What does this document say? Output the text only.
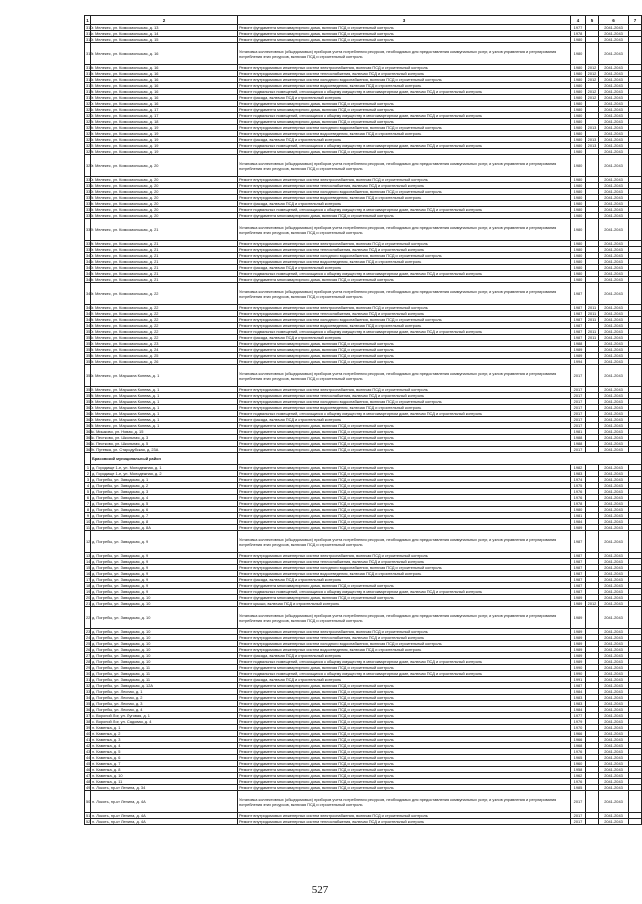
1	2	3	4	5	6	7
310	г. Мелекес, ул. Комсомольская, д. 13	Ремонт фундамента многоквартирного дома, включая ПСД и строительный контроль	1977		2041-2043	
311	г. Мелекес, ул. Комсомольская, д. 14	Ремонт фундамента многоквартирного дома, включая ПСД и строительный контроль	1978		2041-2043	
312	г. Мелекес, ул. Комсомольская, д. 15	Ремонт фундамента многоквартирного дома, включая ПСД и строительный контроль	1980		2041-2043	
313	г. Мелекес, ул. Комсомольская, д. 16	Установка коллективных (общедомовых) приборов учета потребления ресурсов, необходимых для предоставления коммунальных услуг, и узлов управления и регулирования потребления этих ресурсов, включая ПСД и строительный контроль	1980		2041-2043	
314	г. Мелекес, ул. Комсомольская, д. 16	Ремонт внутридомовых инженерных систем электроснабжения, включая ПСД и строительный контроль	1980	2012	2041-2043	
315	г. Мелекес, ул. Комсомольская, д. 16	Ремонт внутридомовых инженерных систем теплоснабжения, включая ПСД и строительный контроль	1980	2012	2041-2043	
316	г. Мелекес, ул. Комсомольская, д. 16	Ремонт внутридомовых инженерных систем холодного водоснабжения, включая ПСД и строительный контроль	1980	2012	2041-2043	
317	г. Мелекес, ул. Комсомольская, д. 16	Ремонт внутридомовых инженерных систем водоотведения, включая ПСД и строительный контроль	1980		2041-2043	
318	г. Мелекес, ул. Комсомольская, д. 16	Ремонт подвальных помещений, относящихся к общему имуществу в многоквартирном доме, включая ПСД и строительный контроль	1980	2012	2041-2043	
319	г. Мелекес, ул. Комсомольская, д. 16	Ремонт фасада, включая ПСД и строительный контроль	1980	2012	2041-2043	
320	г. Мелекес, ул. Комсомольская, д. 16	Ремонт фундамента многоквартирного дома, включая ПСД и строительный контроль	1980		2041-2043	
321	г. Мелекес, ул. Комсомольская, д. 17	Ремонт фундамента многоквартирного дома, включая ПСД и строительный контроль	1980		2041-2043	
322	г. Мелекес, ул. Комсомольская, д. 17	Ремонт подвальных помещений, относящихся к общему имуществу в многоквартирном доме, включая ПСД и строительный контроль	1980		2041-2043	
323	г. Мелекес, ул. Комсомольская, д. 18	Ремонт фундамента многоквартирного дома, включая ПСД и строительный контроль	1980		2041-2043	
324	г. Мелекес, ул. Комсомольская, д. 19	Ремонт внутридомовых инженерных систем холодного водоснабжения, включая ПСД и строительный контроль	1980	2013	2041-2043	
325	г. Мелекес, ул. Комсомольская, д. 19	Ремонт внутридомовых инженерных систем водоотведения, включая ПСД и строительный контроль	1980		2041-2043	
326	г. Мелекес, ул. Комсомольская, д. 19	Ремонт фасада, включая ПСД и строительный контроль	1980	2013	2041-2043	
327	г. Мелекес, ул. Комсомольская, д. 19	Ремонт подвальных помещений, относящихся к общему имуществу в многоквартирном доме, включая ПСД и строительный контроль	1980	2013	2041-2043	
328	г. Мелекес, ул. Комсомольская, д. 19	Ремонт фундамента многоквартирного дома, включая ПСД и строительный контроль	1980		2041-2043	
329	г. Мелекес, ул. Комсомольская, д. 20	Установка коллективных (общедомовых) приборов учета потребления ресурсов, необходимых для предоставления коммунальных услуг, и узлов управления и регулирования потребления этих ресурсов, включая ПСД и строительный контроль	1980		2041-2043	
330	г. Мелекес, ул. Комсомольская, д. 20	Ремонт внутридомовых инженерных систем электроснабжения, включая ПСД и строительный контроль	1980		2041-2043	
331	г. Мелекес, ул. Комсомольская, д. 20	Ремонт внутридомовых инженерных систем теплоснабжения, включая ПСД и строительный контроль	1980		2041-2043	
332	г. Мелекес, ул. Комсомольская, д. 20	Ремонт внутридомовых инженерных систем холодного водоснабжения, включая ПСД и строительный контроль	1980		2041-2043	
333	г. Мелекес, ул. Комсомольская, д. 20	Ремонт внутридомовых инженерных систем водоотведения, включая ПСД и строительный контроль	1980		2041-2043	
334	г. Мелекес, ул. Комсомольская, д. 20	Ремонт фасада, включая ПСД и строительный контроль	1980		2041-2043	
335	г. Мелекес, ул. Комсомольская, д. 20	Ремонт подвальных помещений, относящихся к общему имуществу в многоквартирном доме, включая ПСД и строительный контроль	1980		2041-2043	
336	г. Мелекес, ул. Комсомольская, д. 20	Ремонт фундамента многоквартирного дома, включая ПСД и строительный контроль	1980		2041-2043	
337	г. Мелекес, ул. Комсомольская, д. 21	Установка коллективных (общедомовых) приборов учета потребления ресурсов, необходимых для предоставления коммунальных услуг, и узлов управления и регулирования потребления этих ресурсов, включая ПСД и строительный контроль	1980		2041-2043	
338	г. Мелекес, ул. Комсомольская, д. 21	Ремонт внутридомовых инженерных систем электроснабжения, включая ПСД и строительный контроль	1980		2041-2043	
339	г. Мелекес, ул. Комсомольская, д. 21	Ремонт внутридомовых инженерных систем теплоснабжения, включая ПСД и строительный контроль	1980		2041-2043	
340	г. Мелекес, ул. Комсомольская, д. 21	Ремонт внутридомовых инженерных систем холодного водоснабжения, включая ПСД и строительный контроль	1980		2041-2043	
341	г. Мелекес, ул. Комсомольская, д. 21	Ремонт внутридомовых инженерных систем водоотведения, включая ПСД и строительный контроль	1980		2041-2043	
342	г. Мелекес, ул. Комсомольская, д. 21	Ремонт фасада, включая ПСД и строительный контроль	1980		2041-2043	
343	г. Мелекес, ул. Комсомольская, д. 21	Ремонт подвальных помещений, относящихся к общему имуществу в многоквартирном доме, включая ПСД и строительный контроль	1980		2041-2043	
344	г. Мелекес, ул. Комсомольская, д. 21	Ремонт фундамента многоквартирного дома, включая ПСД и строительный контроль	1980		2041-2043	
345	г. Мелекес, ул. Комсомольская, д. 22	Установка коллективных (общедомовых) приборов учета потребления ресурсов, необходимых для предоставления коммунальных услуг, и узлов управления и регулирования потребления этих ресурсов, включая ПСД и строительный контроль	1987		2041-2043	
346	г. Мелекес, ул. Комсомольская, д. 22	Ремонт внутридомовых инженерных систем электроснабжения, включая ПСД и строительный контроль	1987	2011	2041-2043	
347	г. Мелекес, ул. Комсомольская, д. 22	Ремонт внутридомовых инженерных систем теплоснабжения, включая ПСД и строительный контроль	1987	2011	2041-2043	
348	г. Мелекес, ул. Комсомольская, д. 22	Ремонт внутридомовых инженерных систем холодного водоснабжения, включая ПСД и строительный контроль	1987	2011	2041-2043	
349	г. Мелекес, ул. Комсомольская, д. 22	Ремонт внутридомовых инженерных систем водоотведения, включая ПСД и строительный контроль	1987		2041-2043	
350	г. Мелекес, ул. Комсомольская, д. 22	Ремонт подвальных помещений, относящихся к общему имуществу в многоквартирном доме, включая ПСД и строительный контроль	1987	2011	2041-2043	
351	г. Мелекес, ул. Комсомольская, д. 22	Ремонт фасада, включая ПСД и строительный контроль	1987	2011	2041-2043	
352	г. Мелекес, ул. Комсомольская, д. 23	Ремонт фундамента многоквартирного дома, включая ПСД и строительный контроль	1988		2041-2043	
353	г. Мелекес, ул. Комсомольская, д. 24	Ремонт фундамента многоквартирного дома, включая ПСД и строительный контроль	1989		2041-2043	
354	г. Мелекес, ул. Комсомольская, д. 25	Ремонт фундамента многоквартирного дома, включая ПСД и строительный контроль	1989		2041-2043	
355	г. Мелекес, ул. Комсомольская, д. 26	Ремонт фундамента многоквартирного дома, включая ПСД и строительный контроль	1994		2041-2043	
356	г. Мелекес, ул. Маршала Конева, д. 1	Установка коллективных (общедомовых) приборов учета потребления ресурсов, необходимых для предоставления коммунальных услуг, и узлов управления и регулирования потребления этих ресурсов, включая ПСД и строительный контроль	2017		2041-2043	
357	г. Мелекес, ул. Маршала Конева, д. 1	Ремонт внутридомовых инженерных систем электроснабжения, включая ПСД и строительный контроль	2017		2041-2043	
358	г. Мелекес, ул. Маршала Конева, д. 1	Ремонт внутридомовых инженерных систем теплоснабжения, включая ПСД и строительный контроль	2017		2041-2043	
359	г. Мелекес, ул. Маршала Конева, д. 1	Ремонт внутридомовых инженерных систем холодного водоснабжения, включая ПСД и строительный контроль	2017		2041-2043	
360	г. Мелекес, ул. Маршала Конева, д. 1	Ремонт внутридомовых инженерных систем водоотведения, включая ПСД и строительный контроль	2017		2041-2043	
361	г. Мелекес, ул. Маршала Конева, д. 1	Ремонт подвальных помещений, относящихся к общему имуществу в многоквартирном доме, включая ПСД и строительный контроль	2017		2041-2043	
362	г. Мелекес, ул. Маршала Конева, д. 1	Ремонт фасада, включая ПСД и строительный контроль	2017		2041-2043	
363	г. Мелекес, ул. Маршала Конева, д. 1	Ремонт фундамента многоквартирного дома, включая ПСД и строительный контроль	2017		2041-2043	
364	с. Мишково, ул. Новая, д. 15	Ремонт фундамента многоквартирного дома, включая ПСД и строительный контроль	1981		2041-2043	
365	с. Пестково, ул. Школьная, д. 3	Ремонт фундамента многоквартирного дома, включая ПСД и строительный контроль	1988		2041-2043	
366	с. Пестково, ул. Школьная, д. 5	Ремонт фундамента многоквартирного дома, включая ПСД и строительный контроль	1988		2041-2043	
367	п. Путевка, ул. Стародубская, д. 23А	Ремонт фундамента многоквартирного дома, включая ПСД и строительный контроль	2017		2041-2043	
	Брасовский муниципальный район					
1	д. Городище 1-е, ул. Молодежная, д. 1	Ремонт фундамента многоквартирного дома, включая ПСД и строительный контроль	1982		2041-2043	
2	д. Городище 1-е, ул. Молодежная, д. 2	Ремонт фундамента многоквартирного дома, включая ПСД и строительный контроль	1983		2041-2043	
3	д. Погребы, ул. Заводская, д. 1	Ремонт фундамента многоквартирного дома, включая ПСД и строительный контроль	1974		2041-2043	
4	д. Погребы, ул. Заводская, д. 2	Ремонт фундамента многоквартирного дома, включая ПСД и строительный контроль	1975		2041-2043	
5	д. Погребы, ул. Заводская, д. 3	Ремонт фундамента многоквартирного дома, включая ПСД и строительный контроль	1976		2041-2043	
6	д. Погребы, ул. Заводская, д. 4	Ремонт фундамента многоквартирного дома, включая ПСД и строительный контроль	1976		2041-2043	
7	д. Погребы, ул. Заводская, д. 5	Ремонт фундамента многоквартирного дома, включая ПСД и строительный контроль	1978		2041-2043	
8	д. Погребы, ул. Заводская, д. 6	Ремонт фундамента многоквартирного дома, включая ПСД и строительный контроль	1980		2041-2043	
9	д. Погребы, ул. Заводская, д. 7	Ремонт фундамента многоквартирного дома, включая ПСД и строительный контроль	1981		2041-2043	
10	д. Погребы, ул. Заводская, д. 8	Ремонт фундамента многоквартирного дома, включая ПСД и строительный контроль	1984		2041-2043	
11	д. Погребы, ул. Заводская, д. 8А	Ремонт фундамента многоквартирного дома, включая ПСД и строительный контроль	1989		2041-2043	
12	д. Погребы, ул. Заводская, д. 9	Установка коллективных (общедомовых) приборов учета потребления ресурсов, необходимых для предоставления коммунальных услуг, и узлов управления и регулирования потребления этих ресурсов, включая ПСД и строительный контроль	1987		2041-2043	
13	д. Погребы, ул. Заводская, д. 9	Ремонт внутридомовых инженерных систем электроснабжения, включая ПСД и строительный контроль	1987		2041-2043	
14	д. Погребы, ул. Заводская, д. 9	Ремонт внутридомовых инженерных систем теплоснабжения, включая ПСД и строительный контроль	1987		2041-2043	
15	д. Погребы, ул. Заводская, д. 9	Ремонт внутридомовых инженерных систем холодного водоснабжения, включая ПСД и строительный контроль	1987		2041-2043	
16	д. Погребы, ул. Заводская, д. 9	Ремонт внутридомовых инженерных систем водоотведения, включая ПСД и строительный контроль	1987		2041-2043	
17	д. Погребы, ул. Заводская, д. 9	Ремонт фасада, включая ПСД и строительный контроль	1987		2041-2043	
18	д. Погребы, ул. Заводская, д. 9	Ремонт фундамента многоквартирного дома, включая ПСД и строительный контроль	1987		2041-2043	
19	д. Погребы, ул. Заводская, д. 9	Ремонт подвальных помещений, относящихся к общему имуществу в многоквартирном доме, включая ПСД и строительный контроль	1987		2041-2043	
20	д. Погребы, ул. Заводская, д. 10	Ремонт фундамента многоквартирного дома, включая ПСД и строительный контроль	1989		2041-2043	
21	д. Погребы, ул. Заводская, д. 10	Ремонт крыши, включая ПСД и строительный контроль	1989	2012	2041-2043	
22	д. Погребы, ул. Заводская, д. 10	Установка коллективных (общедомовых) приборов учета потребления ресурсов, необходимых для предоставления коммунальных услуг, и узлов управления и регулирования потребления этих ресурсов, включая ПСД и строительный контроль	1989		2041-2043	
23	д. Погребы, ул. Заводская, д. 10	Ремонт внутридомовых инженерных систем электроснабжения, включая ПСД и строительный контроль	1989		2041-2043	
24	д. Погребы, ул. Заводская, д. 10	Ремонт внутридомовых инженерных систем теплоснабжения, включая ПСД и строительный контроль	1989		2041-2043	
25	д. Погребы, ул. Заводская, д. 10	Ремонт внутридомовых инженерных систем холодного водоснабжения, включая ПСД и строительный контроль	1989		2041-2043	
26	д. Погребы, ул. Заводская, д. 10	Ремонт внутридомовых инженерных систем водоотведения, включая ПСД и строительный контроль	1989		2041-2043	
27	д. Погребы, ул. Заводская, д. 10	Ремонт фасада, включая ПСД и строительный контроль	1989		2041-2043	
28	д. Погребы, ул. Заводская, д. 10	Ремонт подвальных помещений, относящихся к общему имуществу в многоквартирном доме, включая ПСД и строительный контроль	1989		2041-2043	
29	д. Погребы, ул. Заводская, д. 11	Ремонт фундамента многоквартирного дома, включая ПСД и строительный контроль	1990		2041-2043	
30	д. Погребы, ул. Заводская, д. 11	Ремонт подвальных помещений, относящихся к общему имуществу в многоквартирном доме, включая ПСД и строительный контроль	1990		2041-2043	
31	д. Погребы, ул. Заводская, д. 11	Ремонт фасада, включая ПСД и строительный контроль	1991		2041-2043	
32	д. Погребы, ул. Заводская, д. 12А	Ремонт фундамента многоквартирного дома, включая ПСД и строительный контроль	1987		2041-2043	
33	д. Погребы, ул. Лесная, д. 1	Ремонт фундамента многоквартирного дома, включая ПСД и строительный контроль	1984		2041-2043	
34	д. Погребы, ул. Лесная, д. 2	Ремонт фундамента многоквартирного дома, включая ПСД и строительный контроль	1983		2041-2043	
35	д. Погребы, ул. Лесная, д. 3	Ремонт фундамента многоквартирного дома, включая ПСД и строительный контроль	1983		2041-2043	
36	д. Погребы, ул. Лесная, д. 4	Ремонт фундамента многоквартирного дома, включая ПСД и строительный контроль	1984		2041-2043	
37	с. Вороной Лог, ул. Луговая, д. 1	Ремонт фундамента многоквартирного дома, включая ПСД и строительный контроль	1977		2041-2043	
38	с. Вороной Лог, ул. Садовая, д. 4	Ремонт фундамента многоквартирного дома, включая ПСД и строительный контроль	1979		2041-2043	
39	п. Каменка, д. 1	Ремонт фундамента многоквартирного дома, включая ПСД и строительный контроль	1970		2041-2043	
40	п. Каменка, д. 2	Ремонт фундамента многоквартирного дома, включая ПСД и строительный контроль	1966		2041-2043	
41	п. Каменка, д. 3	Ремонт фундамента многоквартирного дома, включая ПСД и строительный контроль	1966		2041-2043	
42	п. Каменка, д. 4	Ремонт фундамента многоквартирного дома, включая ПСД и строительный контроль	1968		2041-2043	
43	п. Каменка, д. 5	Ремонт фундамента многоквартирного дома, включая ПСД и строительный контроль	1976		2041-2043	
44	п. Каменка, д. 6	Ремонт фундамента многоквартирного дома, включая ПСД и строительный контроль	1965		2041-2043	
45	п. Каменка, д. 7	Ремонт фундамента многоквартирного дома, включая ПСД и строительный контроль	1960		2041-2043	
46	п. Каменка, д. 8	Ремонт фундамента многоквартирного дома, включая ПСД и строительный контроль	1958		2041-2043	
47	п. Каменка, д. 10	Ремонт фундамента многоквартирного дома, включая ПСД и строительный контроль	1962		2041-2043	
48	п. Каменка, д. 11	Ремонт фундамента многоквартирного дома, включая ПСД и строительный контроль	1976		2041-2043	
49	п. Локоть, пр-кт Ленина, д. 34	Ремонт фундамента многоквартирного дома, включая ПСД и строительный контроль	1985		2041-2043	
50	п. Локоть, пр-кт Ленина, д. 4А	Установка коллективных (общедомовых) приборов учета потребления ресурсов, необходимых для предоставления коммунальных услуг, и узлов управления и регулирования потребления этих ресурсов, включая ПСД и строительный контроль	2017		2041-2043	
51	п. Локоть, пр-кт Ленина, д. 4А	Ремонт внутридомовых инженерных систем электроснабжения, включая ПСД и строительный контроль	2017		2041-2043	
52	п. Локоть, пр-кт Ленина, д. 4А	Ремонт внутридомовых инженерных систем теплоснабжения, включая ПСД и строительный контроль	2017		2041-2043	
527
